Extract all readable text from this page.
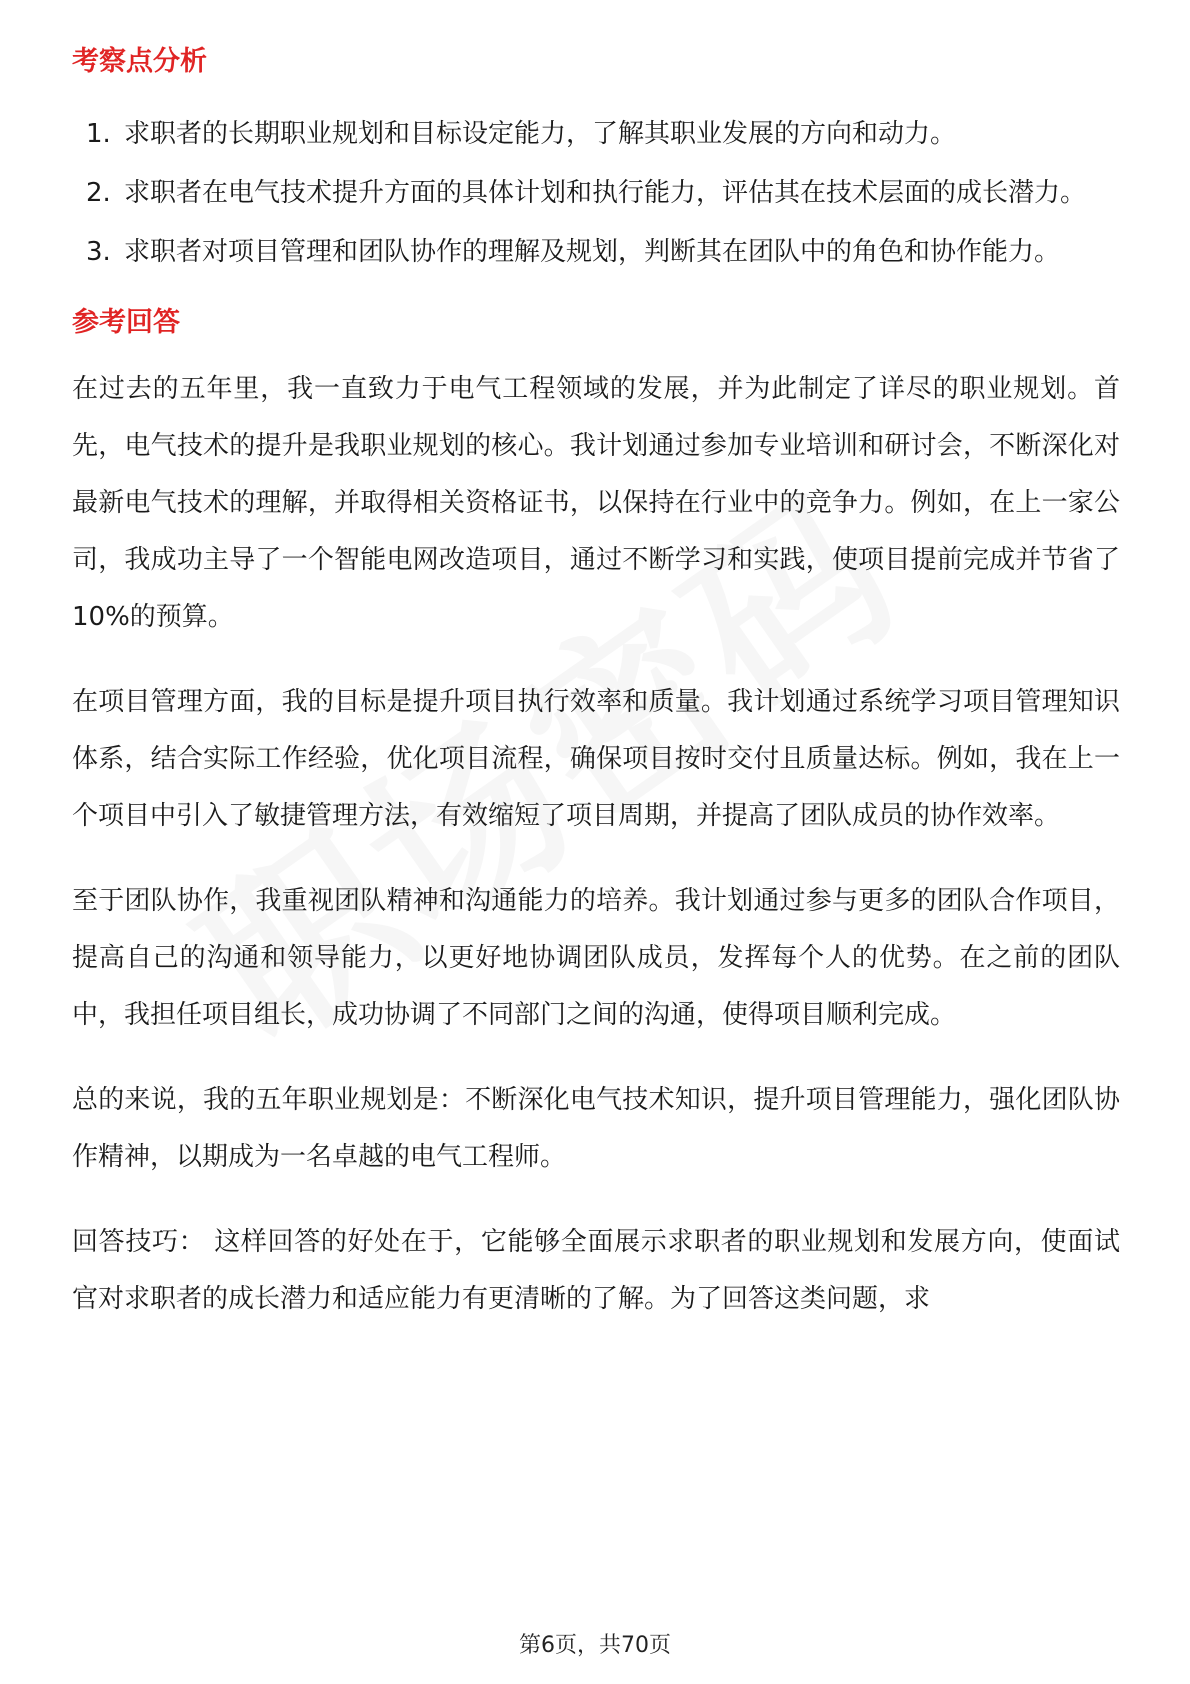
考察点分析
1. 求职者的长期职业规划和目标设定能力，了解其职业发展的方向和动力。
2. 求职者在电气技术提升方面的具体计划和执行能力，评估其在技术层面的成长潜力。
3. 求职者对项目管理和团队协作的理解及规划，判断其在团队中的角色和协作能力。
参考回答

在过去的五年里，我一直致力于电气工程领域的发展，并为此制定了详尽的职业规划。首先，电气技术的提升是我职业规划的核心。我计划通过参加专业培训和研讨会，不断深化对最新电气技术的理解，并取得相关资格证书，以保持在行业中的竞争力。例如，在上一家公司，我成功主导了一个智能电网改造项目，通过不断学习和实践，使项目提前完成并节省了10%的预算。

在项目管理方面，我的目标是提升项目执行效率和质量。我计划通过系统学习项目管理知识体系，结合实际工作经验，优化项目流程，确保项目按时交付且质量达标。例如，我在上一个项目中引入了敏捷管理方法，有效缩短了项目周期，并提高了团队成员的协作效率。

至于团队协作，我重视团队精神和沟通能力的培养。我计划通过参与更多的团队合作项目，提高自己的沟通和领导能力，以更好地协调团队成员，发挥每个人的优势。在之前的团队中，我担任项目组长，成功协调了不同部门之间的沟通，使得项目顺利完成。

总的来说，我的五年职业规划是：不断深化电气技术知识，提升项目管理能力，强化团队协作精神，以期成为一名卓越的电气工程师。

回答技巧： 这样回答的好处在于，它能够全面展示求职者的职业规划和发展方向，使面试官对求职者的成长潜力和适应能力有更清晰的了解。为了回答这类问题，求

第6页，共70页
